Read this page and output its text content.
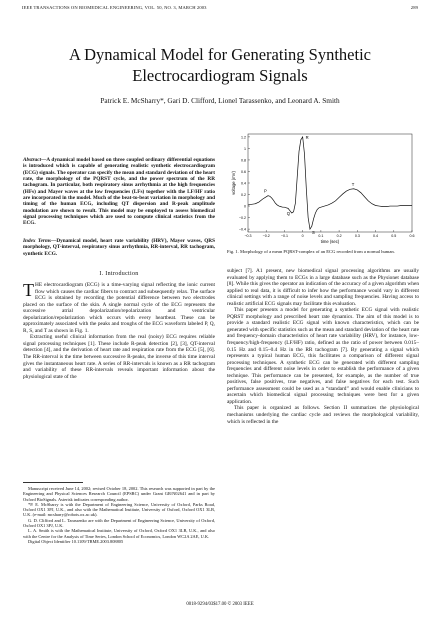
IEEE TRANSACTIONS ON BIOMEDICAL ENGINEERING, VOL. 50, NO. 3, MARCH 2003	289
A Dynamical Model for Generating Synthetic
Electrocardiogram Signals
Patrick E. McSharry*, Gari D. Clifford, Lionel Tarassenko, and Leonard A. Smith
Abstract—A dynamical model based on three coupled ordinary differential equations is introduced which is capable of generating realistic synthetic electrocardiogram (ECG) signals. The operator can specify the mean and standard deviation of the heart rate, the morphology of the PQRST cycle, and the power spectrum of the RR tachogram. In particular, both respiratory sinus arrhythmia at the high frequencies (HFs) and Mayer waves at the low frequencies (LFs) together with the LF/HF ratio are incorporated in the model. Much of the beat-to-beat variation in morphology and timing of the human ECG, including QT dispersion and R-peak amplitude modulation are shown to result. This model may be employed to assess biomedical signal processing techniques which are used to compute clinical statistics from the ECG.
Index Terms—Dynamical model, heart rate variability (HRV), Mayer waves, QRS morphology, QT-interval, respiratory sinus arrhythmia, RR-interval, RR tachogram, synthetic ECG.
I. Introduction

THE electrocardiogram (ECG) is a time-varying signal reflecting the ionic current flow which causes the cardiac fibers to contract and subsequently relax. The surface ECG is obtained by recording the potential difference between two electrodes placed on the surface of the skin. A single normal cycle of the ECG represents the successive atrial depolarization/repolarization and ventricular depolarization/repolarization which occurs with every heartbeat. These can be approximately associated with the peaks and troughs of the ECG waveform labeled P, Q, R, S, and T as shown in Fig. 1.

Extracting useful clinical information from the real (noisy) ECG requires reliable signal processing techniques [1]. These include R-peak detection [2], [3], QT-interval detection [4], and the derivation of heart rate and respiration rate from the ECG [5], [6]. The RR-interval is the time between successive R-peaks, the inverse of this time interval gives the instantaneous heart rate. A series of RR-intervals is known as a RR tachogram and variability of these RR-intervals reveals important information about the physiological state of the

Manuscript received June 14, 2002; revised October 18, 2002. This research was supported in part by the Engineering and Physical Sciences Research Council (EPSRC) under Grant GR/N02641 and in part by Oxford BioSignals. Asterisk indicates corresponding author.

*P. E. McSharry is with the Department of Engineering Science, University of Oxford, Parks Road, Oxford OX1 3PJ, U.K., and also with the Mathematical Institute, University of Oxford, Oxford OX1 3LB, U.K. (e-mail: mcsharry@robots.ox.ac.uk).

G. D. Clifford and L. Tarassenko are with the Department of Engineering Science, University of Oxford, Oxford OX1 3PJ, U.K.

L. A. Smith is with the Mathematical Institute, University of Oxford, Oxford OX1 3LB, U.K., and also with the Centre for the Analysis of Time Series, London School of Economics, London WC2A 2AE, U.K.

Digital Object Identifier 10.1109/TBME.2003.808805

−0.4
−0.2
0
0.2
0.4
0.6
0.8
1
1.2
−0.3	−0.2	−0.1	0	0.1	0.2	0.3	0.4	0.5	0.6
P
Q
R
S
T
time (sec)
voltage (mV)
Fig. 1. Morphology of a mean PQRST-complex of an ECG recorded from a normal human.

subject [7]. A1 present, new biomedical signal processing algorithms are usually evaluated by applying them to ECGs in a large database such as the Physionet database [8]. While this gives the operator an indication of the accuracy of a given algorithm when applied to real data, it is difficult to infer how the performance would vary in different clinical settings with a range of noise levels and sampling frequencies. Having access to realistic artificial ECG signals may facilitate this evaluation.

This paper presents a model for generating a synthetic ECG signal with realistic PQRST morphology and prescribed heart rate dynamics. The aim of this model is to provide a standard realistic ECG signal with known characteristics, which can be generated with specific statistics such as the mean and standard deviation of the heart rate and frequency-domain characteristics of heart rate variability (HRV), for instance, low-frequency/high-frequency (LF/HF) ratio, defined as the ratio of power between 0.015–0.15 Hz and 0.15–0.4 Hz in the RR tachogram [7]. By generating a signal which represents a typical human ECG, this facilitates a comparison of different signal processing techniques. A synthetic ECG can be generated with different sampling frequencies and different noise levels in order to establish the performance of a given technique. This performance can be presented, for example, as the number of true positives, false positives, true negatives, and false negatives for each test. Such performance assessment could be used as a “standard” and would enable clinicians to ascertain which biomedical signal processing techniques were best for a given application.

This paper is organized as follows. Section II summarizes the physiological mechanisms underlying the cardiac cycle and reviews the morphological variability, which is reflected in the

0018-9294/03$17.00 © 2003 IEEE
